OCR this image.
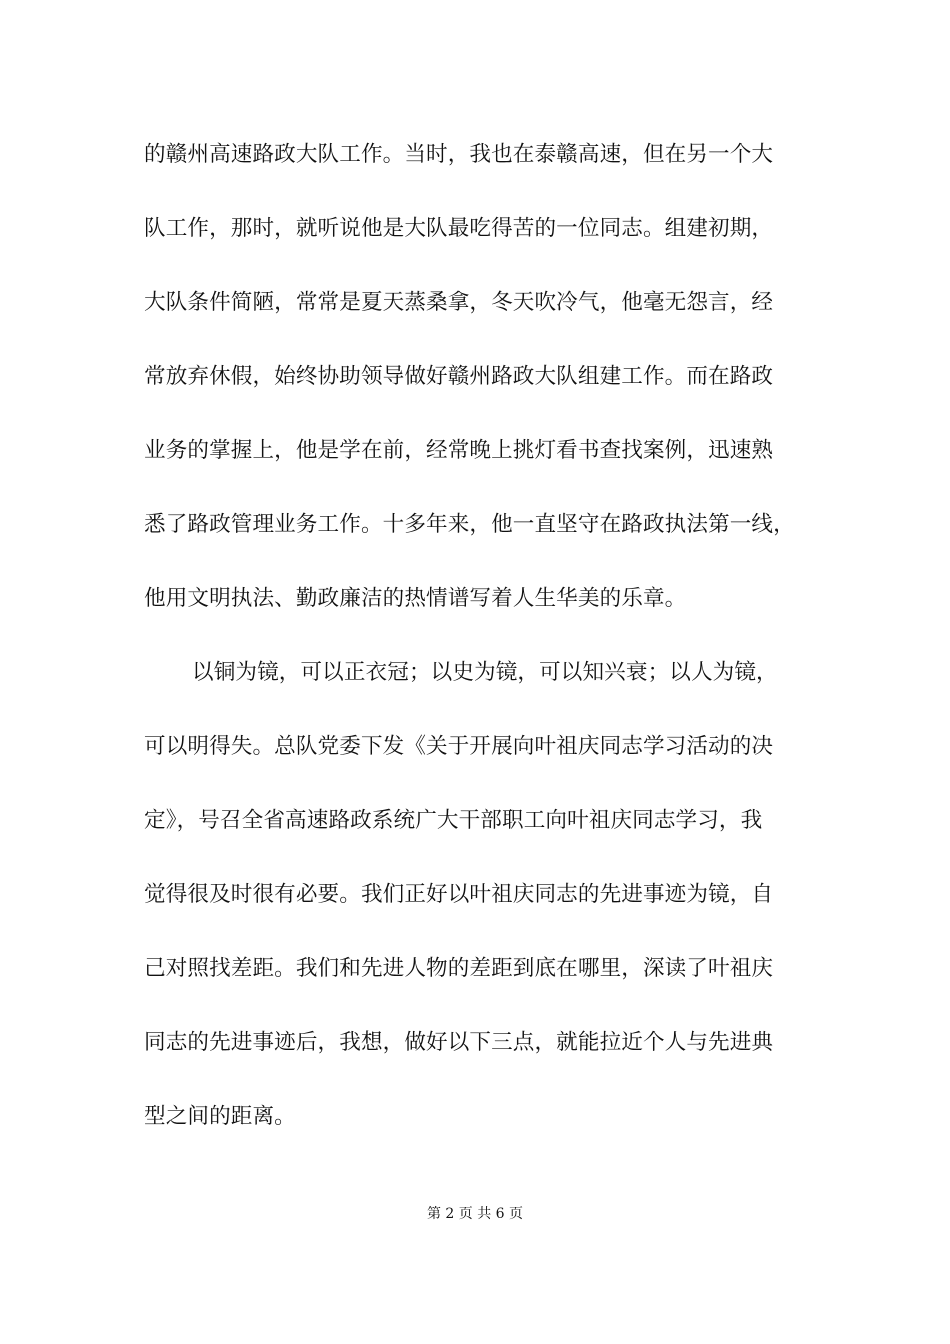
的赣州高速路政大队工作。当时，我也在泰赣高速，但在另一个大
队工作，那时，就听说他是大队最吃得苦的一位同志。组建初期，
大队条件简陋，常常是夏天蒸桑拿，冬天吹冷气，他毫无怨言，经
常放弃休假，始终协助领导做好赣州路政大队组建工作。而在路政
业务的掌握上，他是学在前，经常晚上挑灯看书查找案例，迅速熟
悉了路政管理业务工作。十多年来，他一直坚守在路政执法第一线，
他用文明执法、勤政廉洁的热情谱写着人生华美的乐章。
以铜为镜，可以正衣冠；以史为镜，可以知兴衰；以人为镜，
可以明得失。总队党委下发《关于开展向叶祖庆同志学习活动的决
定》，号召全省高速路政系统广大干部职工向叶祖庆同志学习，我
觉得很及时很有必要。我们正好以叶祖庆同志的先进事迹为镜，自
己对照找差距。我们和先进人物的差距到底在哪里，深读了叶祖庆
同志的先进事迹后，我想，做好以下三点，就能拉近个人与先进典
型之间的距离。
第 2 页 共 6 页
